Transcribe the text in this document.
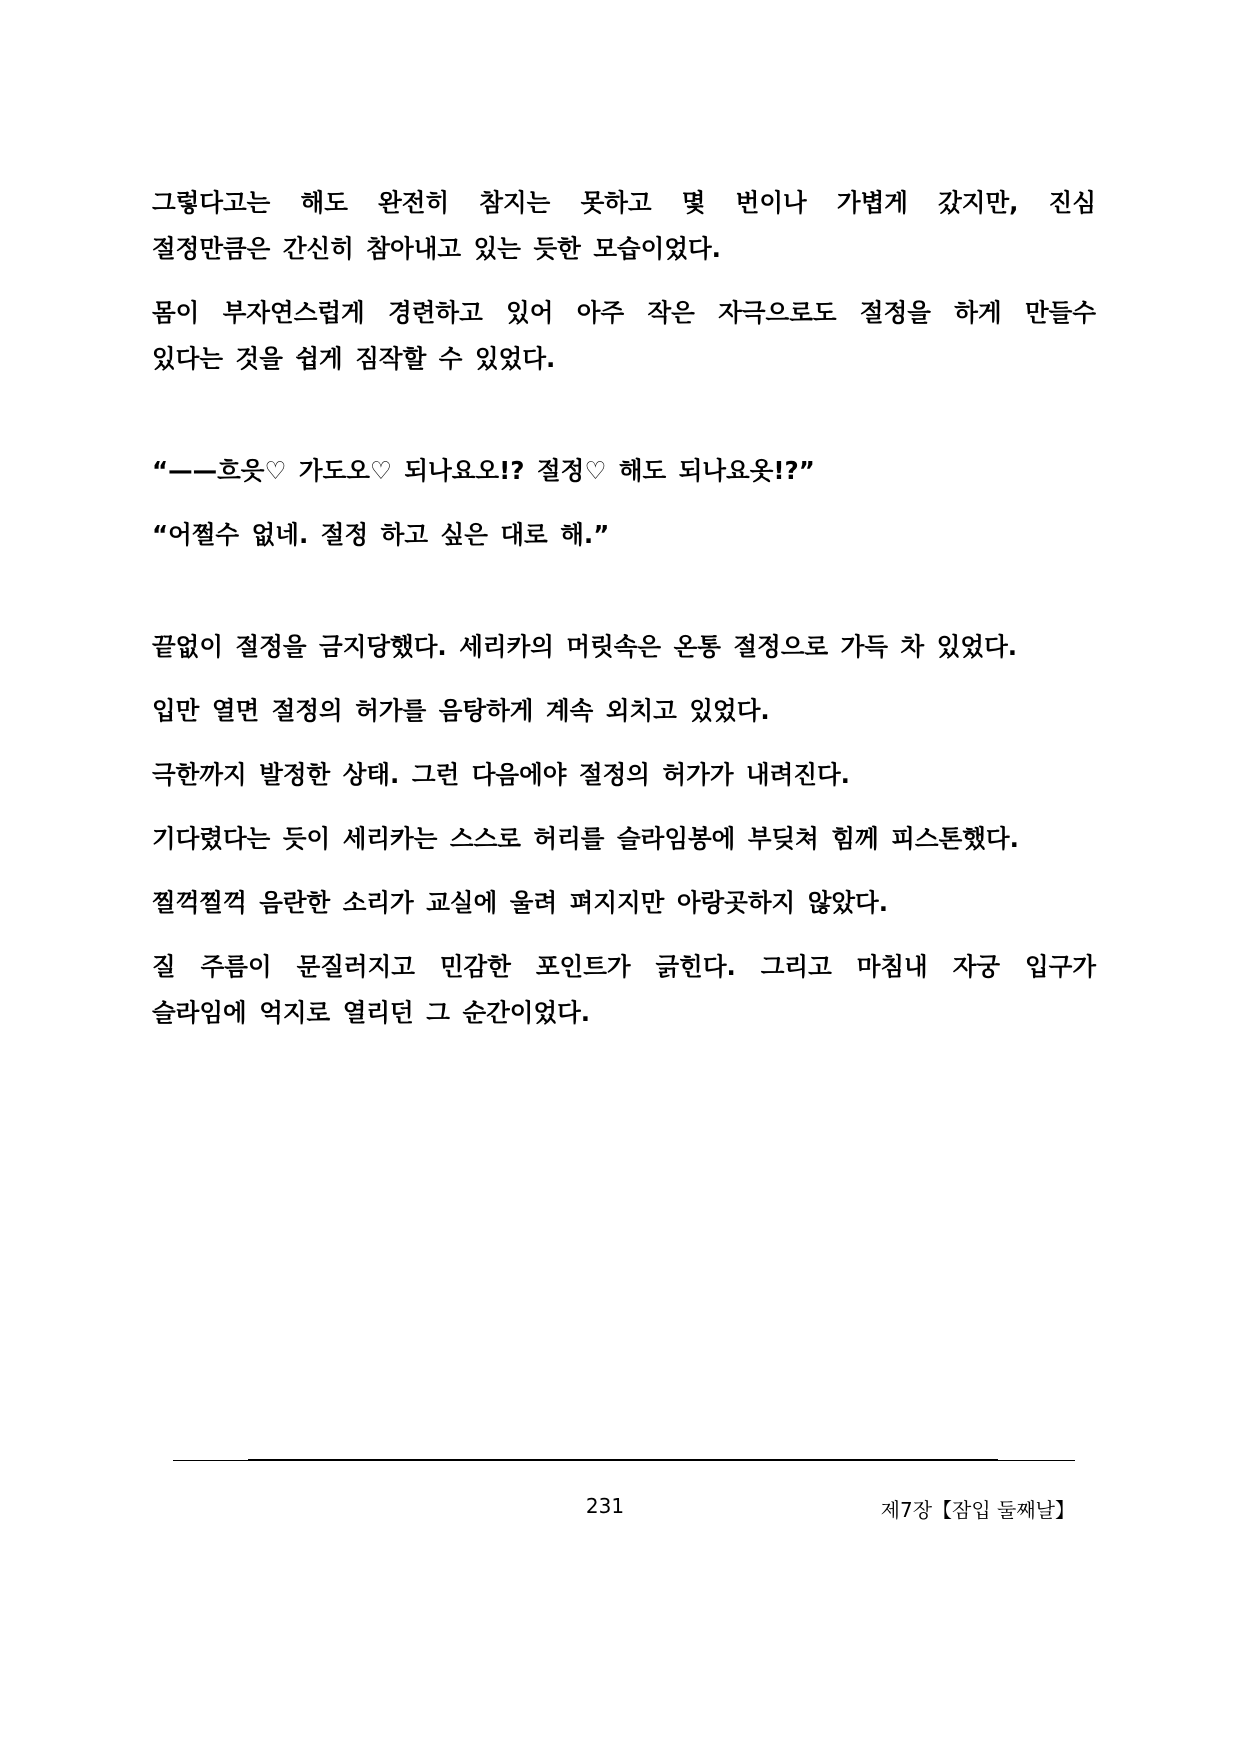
그렇다고는 해도 완전히 참지는 못하고 몇 번이나 가볍게 갔지만, 진심
절정만큼은 간신히 참아내고 있는 듯한 모습이었다.

몸이 부자연스럽게 경련하고 있어 아주 작은 자극으로도 절정을 하게 만들수
있다는 것을 쉽게 짐작할 수 있었다.

“——흐읏♡ 가도오♡ 되나요오!? 절정♡ 해도 되나요옷!?”

“어쩔수 없네. 절정 하고 싶은 대로 해.”

끝없이 절정을 금지당했다. 세리카의 머릿속은 온통 절정으로 가득 차 있었다.

입만 열면 절정의 허가를 음탕하게 계속 외치고 있었다.

극한까지 발정한 상태. 그런 다음에야 절정의 허가가 내려진다.

기다렸다는 듯이 세리카는 스스로 허리를 슬라임봉에 부딪쳐 힘께 피스톤했다.

찔꺽찔꺽 음란한 소리가 교실에 울려 펴지지만 아랑곳하지 않았다.

질 주름이 문질러지고 민감한 포인트가 긁힌다. 그리고 마침내 자궁 입구가
슬라임에 억지로 열리던 그 순간이었다.

231	제7장【잠입 둘째날】
